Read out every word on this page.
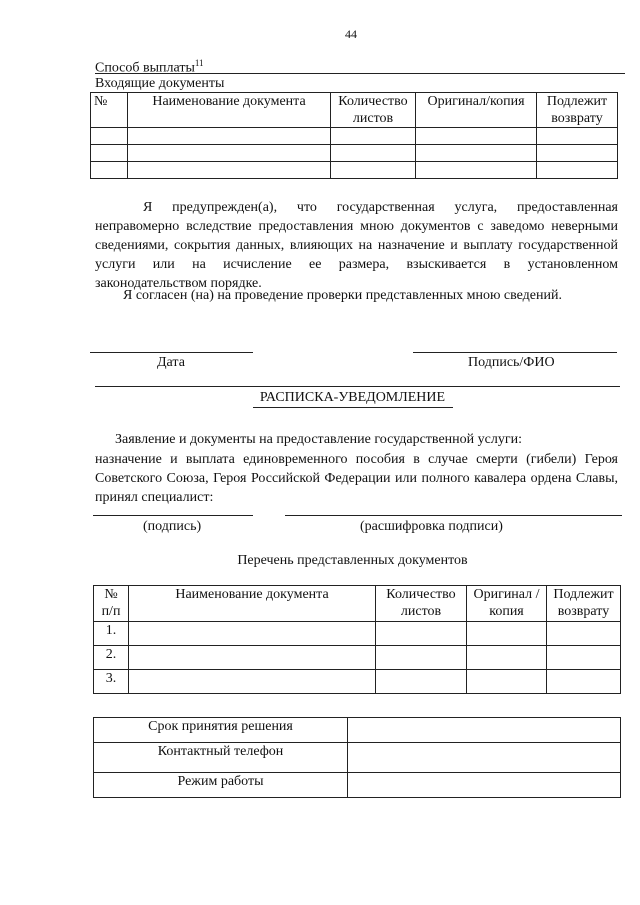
44
Способ выплаты$^{11}$
Входящие документы
№	Наименование документа	Количество листов	Оригинал/копия	Подлежит возврату

Я предупрежден(а), что государственная услуга, предоставленная неправомерно вследствие предоставления мною документов с заведомо неверными сведениями, сокрытия данных, влияющих на назначение и выплату государственной услуги или на исчисление ее размера, взыскивается в установленном законодательством порядке.
Я согласен (на) на проведение проверки представленных мною сведений.
Дата	Подпись/ФИО
РАСПИСКА-УВЕДОМЛЕНИЕ
Заявление и документы на предоставление государственной услуги:
назначение и выплата единовременного пособия в случае смерти (гибели) Героя Советского Союза, Героя Российской Федерации или полного кавалера ордена Славы, принял специалист:
(подпись)	(расшифровка подписи)
Перечень представленных документов
№ п/п	Наименование документа	Количество листов	Оригинал /копия	Подлежит возврату
1.				
2.				
3.				
Срок принятия решения	
Контактный телефон	
Режим работы	
